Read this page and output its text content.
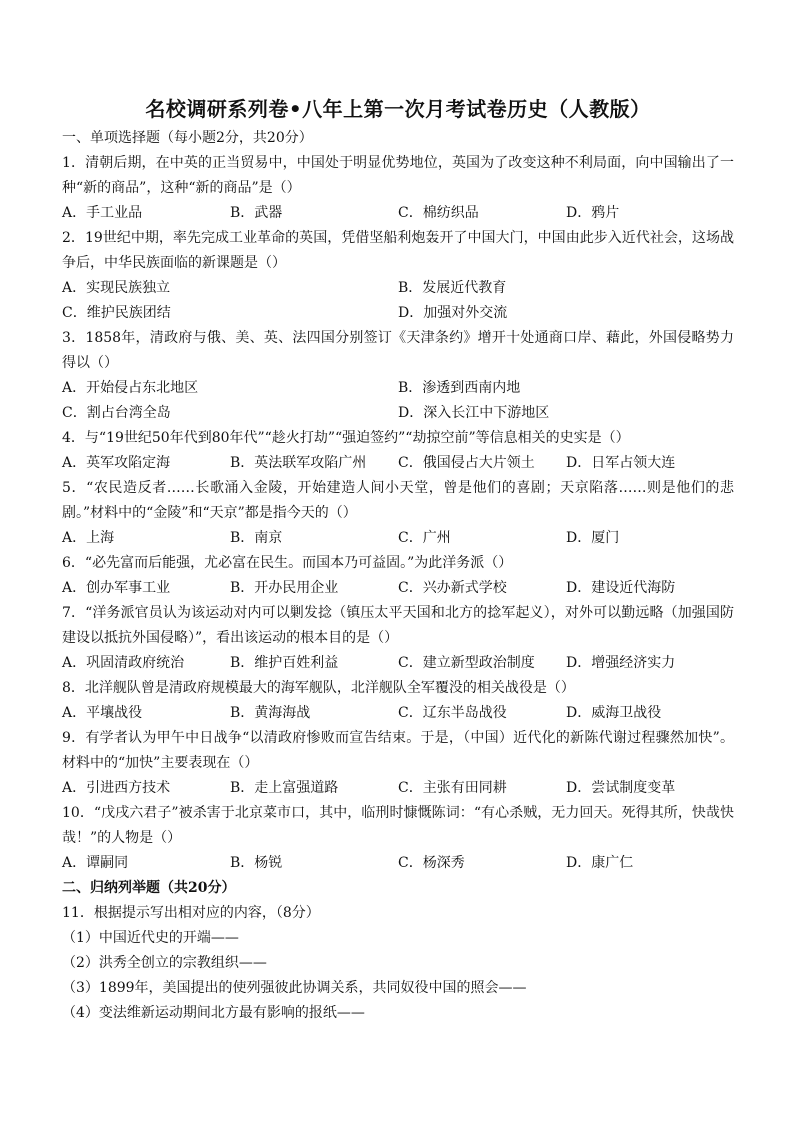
名校调研系列卷•八年上第一次月考试卷历史（人教版）
一、单项选择题（每小题2分，共20分）
1．清朝后期，在中英的正当贸易中，中国处于明显优势地位，英国为了改变这种不利局面，向中国输出了一种“新的商品”，这种“新的商品”是（）
A．手工业品	B．武器	C．棉纺织品	D．鸦片
2．19世纪中期，率先完成工业革命的英国，凭借坚船利炮轰开了中国大门，中国由此步入近代社会，这场战争后，中华民族面临的新课题是（）
A．实现民族独立	B．发展近代教育
C．维护民族团结	D．加强对外交流
3．1858年，清政府与俄、美、英、法四国分别签订《天津条约》增开十处通商口岸、藉此，外国侵略势力得以（）
A．开始侵占东北地区	B．渗透到西南内地
C．割占台湾全岛	D．深入长江中下游地区
4．与“19世纪50年代到80年代”“趁火打劫”“强迫签约”“劫掠空前”等信息相关的史实是（）
A．英军攻陷定海	B．英法联军攻陷广州	C．俄国侵占大片领土	D．日军占领大连
5．“农民造反者……长歌涌入金陵，开始建造人间小天堂，曾是他们的喜剧；天京陷落……则是他们的悲剧。”材料中的“金陵”和“天京”都是指今天的（）
A．上海	B．南京	C．广州	D．厦门
6．“必先富而后能强，尤必富在民生。而国本乃可益固。”为此洋务派（）
A．创办军事工业	B．开办民用企业	C．兴办新式学校	D．建设近代海防
7．“洋务派官员认为该运动对内可以剿发捻（镇压太平天国和北方的捻军起义），对外可以勤远略（加强国防建设以抵抗外国侵略）”，看出该运动的根本目的是（）
A．巩固清政府统治	B．维护百姓利益	C．建立新型政治制度	D．增强经济实力
8．北洋舰队曾是清政府规模最大的海军舰队，北洋舰队全军覆没的相关战役是（）
A．平壤战役	B．黄海海战	C．辽东半岛战役	D．威海卫战役
9．有学者认为甲午中日战争“以清政府惨败而宣告结束。于是，（中国）近代化的新陈代谢过程骤然加快”。材料中的“加快”主要表现在（）
A．引进西方技术	B．走上富强道路	C．主张有田同耕	D．尝试制度变革
10．“戊戌六君子”被杀害于北京菜市口，其中，临刑时慷慨陈词：“有心杀贼，无力回天。死得其所，快哉快哉！”的人物是（）
A．谭嗣同	B．杨锐	C．杨深秀	D．康广仁
二、归纳列举题（共20分）
11．根据提示写出相对应的内容，（8分）
（1）中国近代史的开端——
（2）洪秀全创立的宗教组织——
（3）1899年，美国提出的使列强彼此协调关系，共同奴役中国的照会——
（4）变法维新运动期间北方最有影响的报纸——
